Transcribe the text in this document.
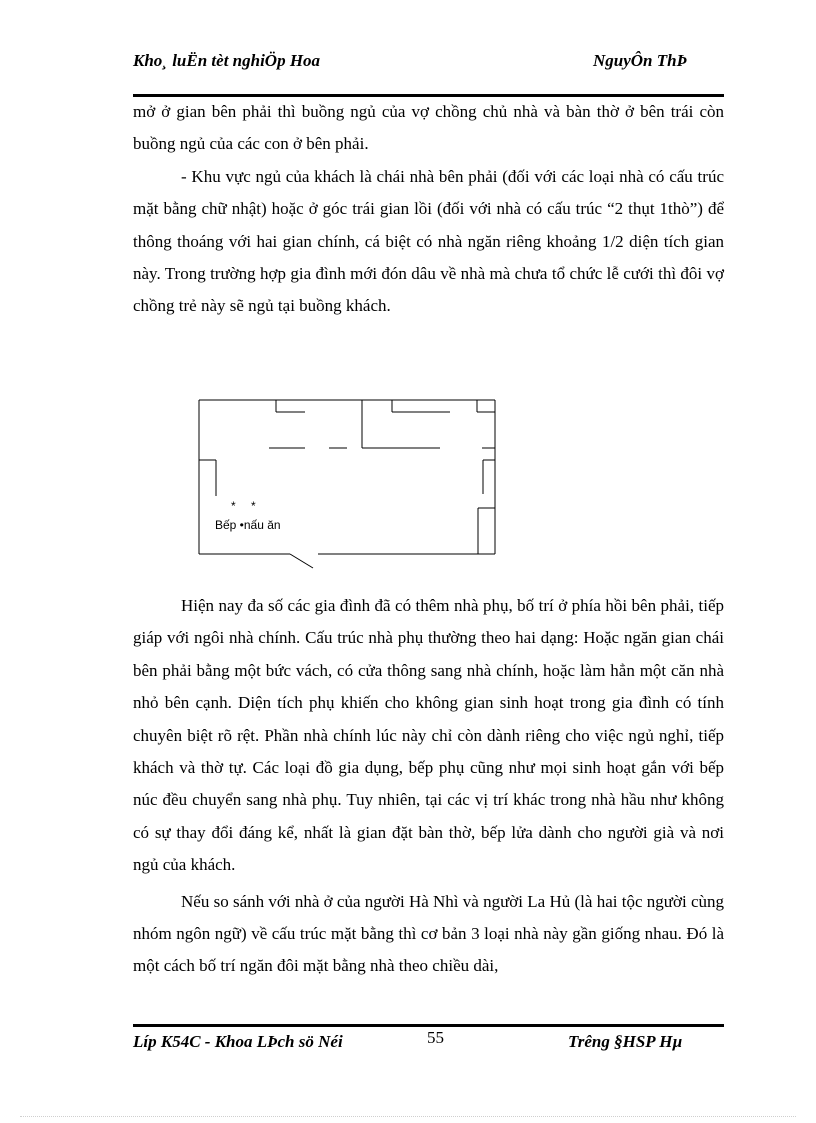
Kho¸ luËn tèt nghiÖp Hoa	NguyÔn ThÞ

mở ở gian bên phải thì buồng ngủ của vợ chồng chủ nhà và bàn thờ ở bên trái còn buồng ngủ của các con ở bên phải.

- Khu vực ngủ của khách là chái nhà bên phải (đối với các loại nhà có cấu trúc mặt bằng chữ nhật) hoặc ở góc trái gian lồi (đối với nhà có cấu trúc “2 thụt 1thò”) để thông thoáng với hai gian chính, cá biệt có nhà ngăn riêng khoảng 1/2 diện tích gian này. Trong trường hợp gia đình mới đón dâu về nhà mà chưa tổ chức lễ cưới thì đôi vợ chồng trẻ này sẽ ngủ tại buồng khách.

* *
Bếp •nấu ăn

Hiện nay đa số các gia đình đã có thêm nhà phụ, bố trí ở phía hồi bên phải, tiếp giáp với ngôi nhà chính. Cấu trúc nhà phụ thường theo hai dạng: Hoặc ngăn gian chái bên phải bằng một bức vách, có cửa thông sang nhà chính, hoặc làm hẳn một căn nhà nhỏ bên cạnh. Diện tích phụ khiến cho không gian sinh hoạt trong gia đình có tính chuyên biệt rõ rệt. Phần nhà chính lúc này chỉ còn dành riêng cho việc ngủ nghỉ, tiếp khách và thờ tự. Các loại đồ gia dụng, bếp phụ cũng như mọi sinh hoạt gắn với bếp núc đều chuyển sang nhà phụ. Tuy nhiên, tại các vị trí khác trong nhà hầu như không có sự thay đổi đáng kể, nhất là gian đặt bàn thờ, bếp lửa dành cho người già và nơi ngủ của khách.

Nếu so sánh với nhà ở của người Hà Nhì và người La Hủ (là hai tộc người cùng nhóm ngôn ngữ) về cấu trúc mặt bằng thì cơ bản 3 loại nhà này gần giống nhau. Đó là một cách bố trí ngăn đôi mặt bằng nhà theo chiều dài,

Líp K54C - Khoa LÞch sö Néi	55	Trêng §HSP Hµ
